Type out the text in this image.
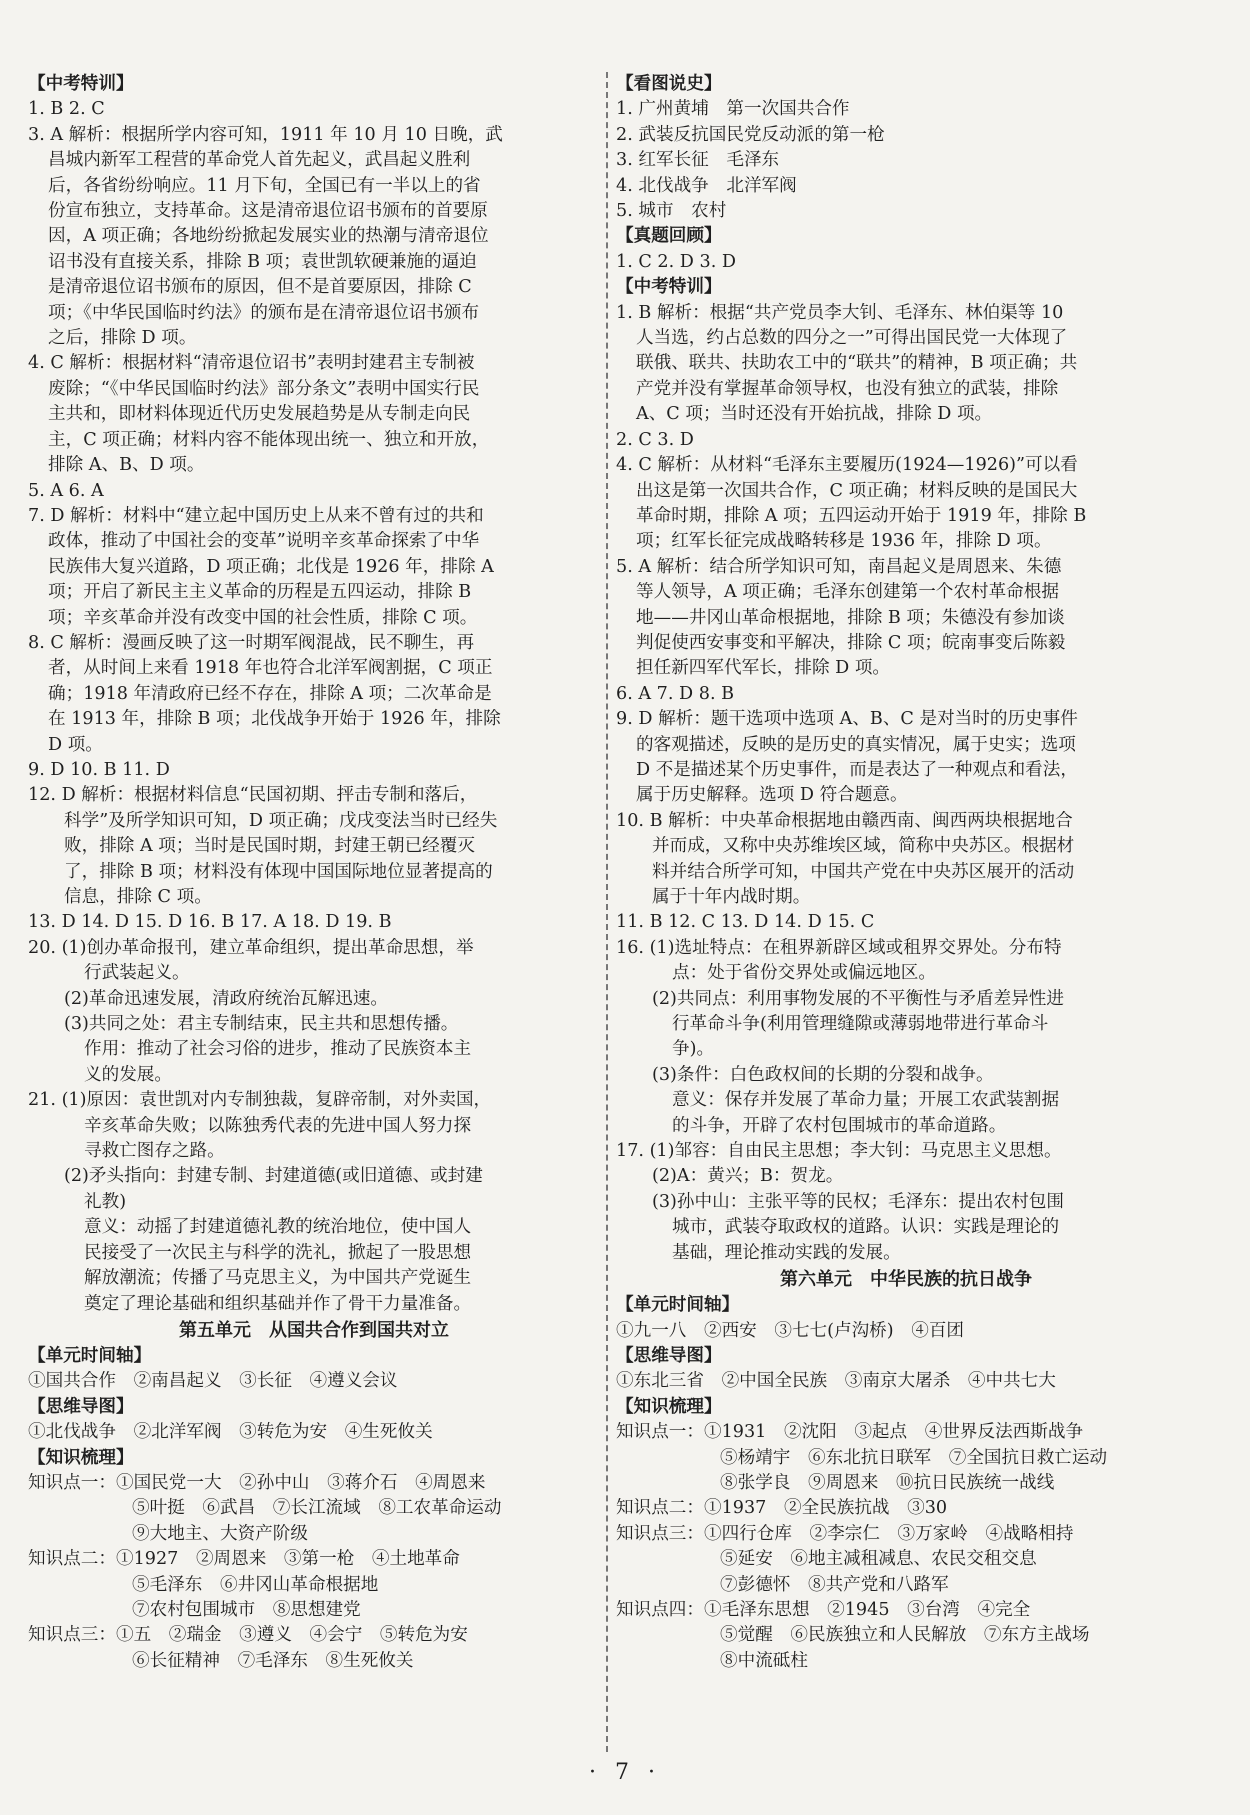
【中考特训】
1. B 2. C
3. A 解析：根据所学内容可知，1911 年 10 月 10 日晚，武
昌城内新军工程营的革命党人首先起义，武昌起义胜利
后，各省纷纷响应。11 月下旬，全国已有一半以上的省
份宣布独立，支持革命。这是清帝退位诏书颁布的首要原
因，A 项正确；各地纷纷掀起发展实业的热潮与清帝退位
诏书没有直接关系，排除 B 项；袁世凯软硬兼施的逼迫
是清帝退位诏书颁布的原因，但不是首要原因，排除 C
项；《中华民国临时约法》的颁布是在清帝退位诏书颁布
之后，排除 D 项。
4. C 解析：根据材料“清帝退位诏书”表明封建君主专制被
废除；“《中华民国临时约法》部分条文”表明中国实行民
主共和，即材料体现近代历史发展趋势是从专制走向民
主，C 项正确；材料内容不能体现出统一、独立和开放，
排除 A、B、D 项。
5. A 6. A
7. D 解析：材料中“建立起中国历史上从来不曾有过的共和
政体，推动了中国社会的变革”说明辛亥革命探索了中华
民族伟大复兴道路，D 项正确；北伐是 1926 年，排除 A
项；开启了新民主主义革命的历程是五四运动，排除 B
项；辛亥革命并没有改变中国的社会性质，排除 C 项。
8. C 解析：漫画反映了这一时期军阀混战，民不聊生，再
者，从时间上来看 1918 年也符合北洋军阀割据，C 项正
确；1918 年清政府已经不存在，排除 A 项；二次革命是
在 1913 年，排除 B 项；北伐战争开始于 1926 年，排除
D 项。
9. D 10. B 11. D
12. D 解析：根据材料信息“民国初期、抨击专制和落后，
科学”及所学知识可知，D 项正确；戊戌变法当时已经失
败，排除 A 项；当时是民国时期，封建王朝已经覆灭
了，排除 B 项；材料没有体现中国国际地位显著提高的
信息，排除 C 项。
13. D 14. D 15. D 16. B 17. A 18. D 19. B
20. (1)创办革命报刊，建立革命组织，提出革命思想，举
行武装起义。
(2)革命迅速发展，清政府统治瓦解迅速。
(3)共同之处：君主专制结束，民主共和思想传播。
作用：推动了社会习俗的进步，推动了民族资本主
义的发展。
21. (1)原因：袁世凯对内专制独裁，复辟帝制，对外卖国，
辛亥革命失败；以陈独秀代表的先进中国人努力探
寻救亡图存之路。
(2)矛头指向：封建专制、封建道德(或旧道德、或封建
礼教)
意义：动摇了封建道德礼教的统治地位，使中国人
民接受了一次民主与科学的洗礼，掀起了一股思想
解放潮流；传播了马克思主义，为中国共产党诞生
奠定了理论基础和组织基础并作了骨干力量准备。
第五单元　从国共合作到国共对立
【单元时间轴】
①国共合作　②南昌起义　③长征　④遵义会议
【思维导图】
①北伐战争　②北洋军阀　③转危为安　④生死攸关
【知识梳理】
知识点一： ①国民党一大　②孙中山　③蒋介石　④周恩来
⑤叶挺　⑥武昌　⑦长江流域　⑧工农革命运动
⑨大地主、大资产阶级
知识点二： ①1927　②周恩来　③第一枪　④土地革命
⑤毛泽东　⑥井冈山革命根据地
⑦农村包围城市　⑧思想建党
知识点三： ①五　②瑞金　③遵义　④会宁　⑤转危为安
⑥长征精神　⑦毛泽东　⑧生死攸关
【看图说史】
1. 广州黄埔　第一次国共合作
2. 武装反抗国民党反动派的第一枪
3. 红军长征　毛泽东
4. 北伐战争　北洋军阀
5. 城市　农村
【真题回顾】
1. C 2. D 3. D
【中考特训】
1. B 解析：根据“共产党员李大钊、毛泽东、林伯渠等 10
人当选，约占总数的四分之一”可得出国民党一大体现了
联俄、联共、扶助农工中的“联共”的精神，B 项正确；共
产党并没有掌握革命领导权，也没有独立的武装，排除
A、C 项；当时还没有开始抗战，排除 D 项。
2. C 3. D
4. C 解析：从材料“毛泽东主要履历(1924—1926)”可以看
出这是第一次国共合作，C 项正确；材料反映的是国民大
革命时期，排除 A 项；五四运动开始于 1919 年，排除 B
项；红军长征完成战略转移是 1936 年，排除 D 项。
5. A 解析：结合所学知识可知，南昌起义是周恩来、朱德
等人领导，A 项正确；毛泽东创建第一个农村革命根据
地——井冈山革命根据地，排除 B 项；朱德没有参加谈
判促使西安事变和平解决，排除 C 项；皖南事变后陈毅
担任新四军代军长，排除 D 项。
6. A 7. D 8. B
9. D 解析：题干选项中选项 A、B、C 是对当时的历史事件
的客观描述，反映的是历史的真实情况，属于史实；选项
D 不是描述某个历史事件，而是表达了一种观点和看法，
属于历史解释。选项 D 符合题意。
10. B 解析：中央革命根据地由赣西南、闽西两块根据地合
并而成，又称中央苏维埃区域，简称中央苏区。根据材
料并结合所学可知，中国共产党在中央苏区展开的活动
属于十年内战时期。
11. B 12. C 13. D 14. D 15. C
16. (1)选址特点：在租界新辟区域或租界交界处。分布特
点：处于省份交界处或偏远地区。
(2)共同点：利用事物发展的不平衡性与矛盾差异性进
行革命斗争(利用管理缝隙或薄弱地带进行革命斗
争)。
(3)条件：白色政权间的长期的分裂和战争。
意义：保存并发展了革命力量；开展工农武装割据
的斗争，开辟了农村包围城市的革命道路。
17. (1)邹容：自由民主思想；李大钊：马克思主义思想。
(2)A：黄兴；B：贺龙。
(3)孙中山：主张平等的民权；毛泽东：提出农村包围
城市，武装夺取政权的道路。认识：实践是理论的
基础，理论推动实践的发展。
第六单元　中华民族的抗日战争
【单元时间轴】
①九一八　②西安　③七七(卢沟桥)　④百团
【思维导图】
①东北三省　②中国全民族　③南京大屠杀　④中共七大
【知识梳理】
知识点一： ①1931　②沈阳　③起点　④世界反法西斯战争
⑤杨靖宇　⑥东北抗日联军　⑦全国抗日救亡运动
⑧张学良　⑨周恩来　⑩抗日民族统一战线
知识点二： ①1937　②全民族抗战　③30
知识点三： ①四行仓库　②李宗仁　③万家岭　④战略相持
⑤延安　⑥地主减租减息、农民交租交息
⑦彭德怀　⑧共产党和八路军
知识点四： ①毛泽东思想　②1945　③台湾　④完全
⑤觉醒　⑥民族独立和人民解放　⑦东方主战场
⑧中流砥柱
· 7 ·
